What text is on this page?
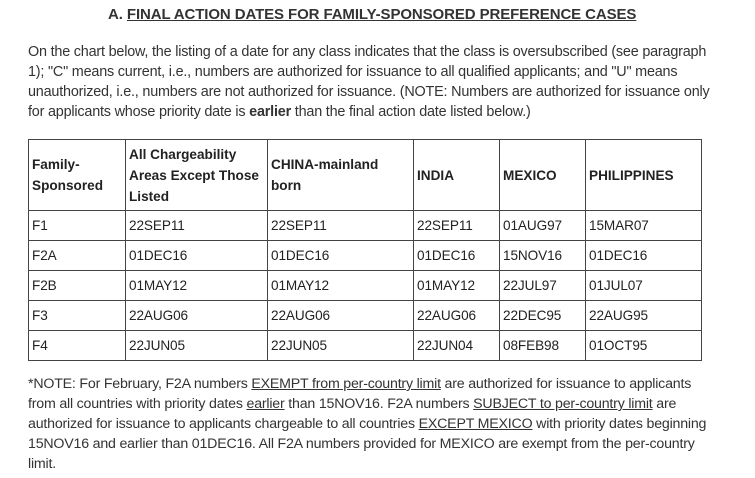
A. FINAL ACTION DATES FOR FAMILY-SPONSORED PREFERENCE CASES
On the chart below, the listing of a date for any class indicates that the class is oversubscribed (see paragraph 1); "C" means current, i.e., numbers are authorized for issuance to all qualified applicants; and "U" means unauthorized, i.e., numbers are not authorized for issuance. (NOTE: Numbers are authorized for issuance only for applicants whose priority date is earlier than the final action date listed below.)
Family-Sponsored	All Chargeability Areas Except Those Listed	CHINA-mainland born	INDIA	MEXICO	PHILIPPINES
F1	22SEP11	22SEP11	22SEP11	01AUG97	15MAR07
F2A	01DEC16	01DEC16	01DEC16	15NOV16	01DEC16
F2B	01MAY12	01MAY12	01MAY12	22JUL97	01JUL07
F3	22AUG06	22AUG06	22AUG06	22DEC95	22AUG95
F4	22JUN05	22JUN05	22JUN04	08FEB98	01OCT95
*NOTE: For February, F2A numbers EXEMPT from per-country limit are authorized for issuance to applicants from all countries with priority dates earlier than 15NOV16. F2A numbers SUBJECT to per-country limit are authorized for issuance to applicants chargeable to all countries EXCEPT MEXICO with priority dates beginning 15NOV16 and earlier than 01DEC16. All F2A numbers provided for MEXICO are exempt from the per-country limit.
